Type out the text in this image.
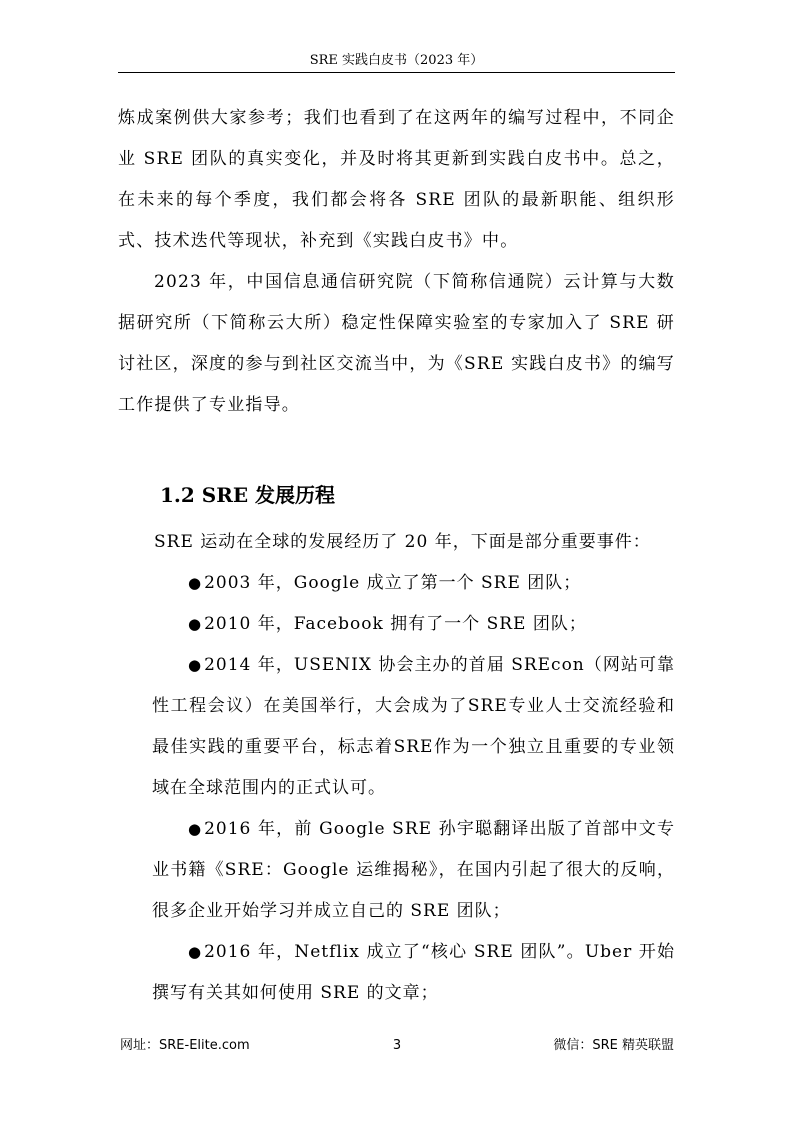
SRE 实践白皮书（2023 年）

炼成案例供大家参考；我们也看到了在这两年的编写过程中，不同企业 SRE 团队的真实变化，并及时将其更新到实践白皮书中。总之，在未来的每个季度，我们都会将各 SRE 团队的最新职能、组织形式、技术迭代等现状，补充到《实践白皮书》中。

2023 年，中国信息通信研究院（下简称信通院）云计算与大数据研究所（下简称云大所）稳定性保障实验室的专家加入了 SRE 研讨社区，深度的参与到社区交流当中，为《SRE 实践白皮书》的编写工作提供了专业指导。

1.2 SRE 发展历程

SRE 运动在全球的发展经历了 20 年，下面是部分重要事件：

● 2003 年，Google 成立了第一个 SRE 团队；

● 2010 年，Facebook 拥有了一个 SRE 团队；

● 2014 年，USENIX 协会主办的首届 SREcon（网站可靠性工程会议）在美国举行，大会成为了SRE专业人士交流经验和最佳实践的重要平台，标志着SRE作为一个独立且重要的专业领域在全球范围内的正式认可。

● 2016 年，前 Google SRE 孙宇聪翻译出版了首部中文专业书籍《SRE：Google 运维揭秘》，在国内引起了很大的反响，很多企业开始学习并成立自己的 SRE 团队；

● 2016 年，Netflix 成立了“核心 SRE 团队”。Uber 开始撰写有关其如何使用 SRE 的文章；

网址：SRE-Elite.com	3	微信：SRE 精英联盟
